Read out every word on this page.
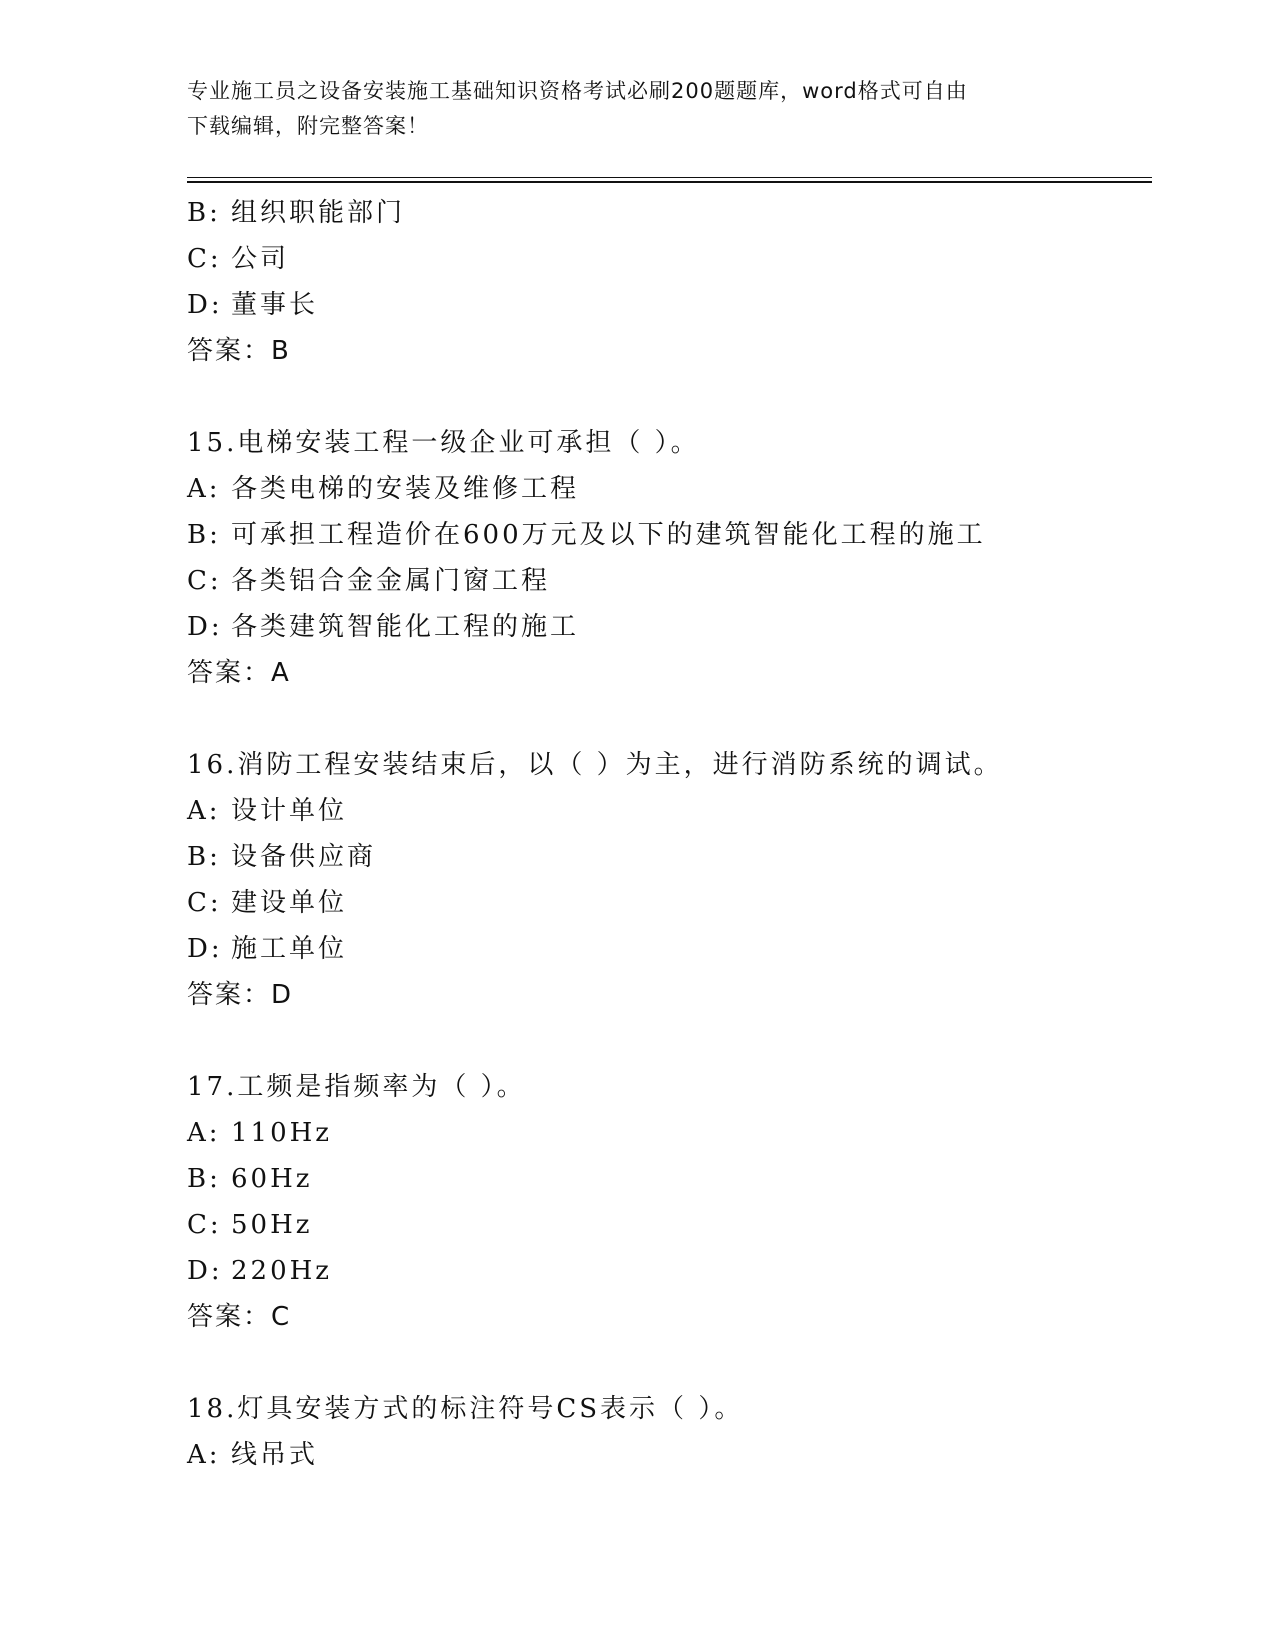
专业施工员之设备安装施工基础知识资格考试必刷200题题库，word格式可自由
下载编辑，附完整答案！
B: 组织职能部门
C: 公司
D: 董事长
答案：B
15.电梯安装工程一级企业可承担（ ）。
A: 各类电梯的安装及维修工程
B: 可承担工程造价在600万元及以下的建筑智能化工程的施工
C: 各类铝合金金属门窗工程
D: 各类建筑智能化工程的施工
答案：A
16.消防工程安装结束后，以（ ）为主，进行消防系统的调试。
A: 设计单位
B: 设备供应商
C: 建设单位
D: 施工单位
答案：D
17.工频是指频率为（ ）。
A: 110Hz
B: 60Hz
C: 50Hz
D: 220Hz
答案：C
18.灯具安装方式的标注符号CS表示（ ）。
A: 线吊式
